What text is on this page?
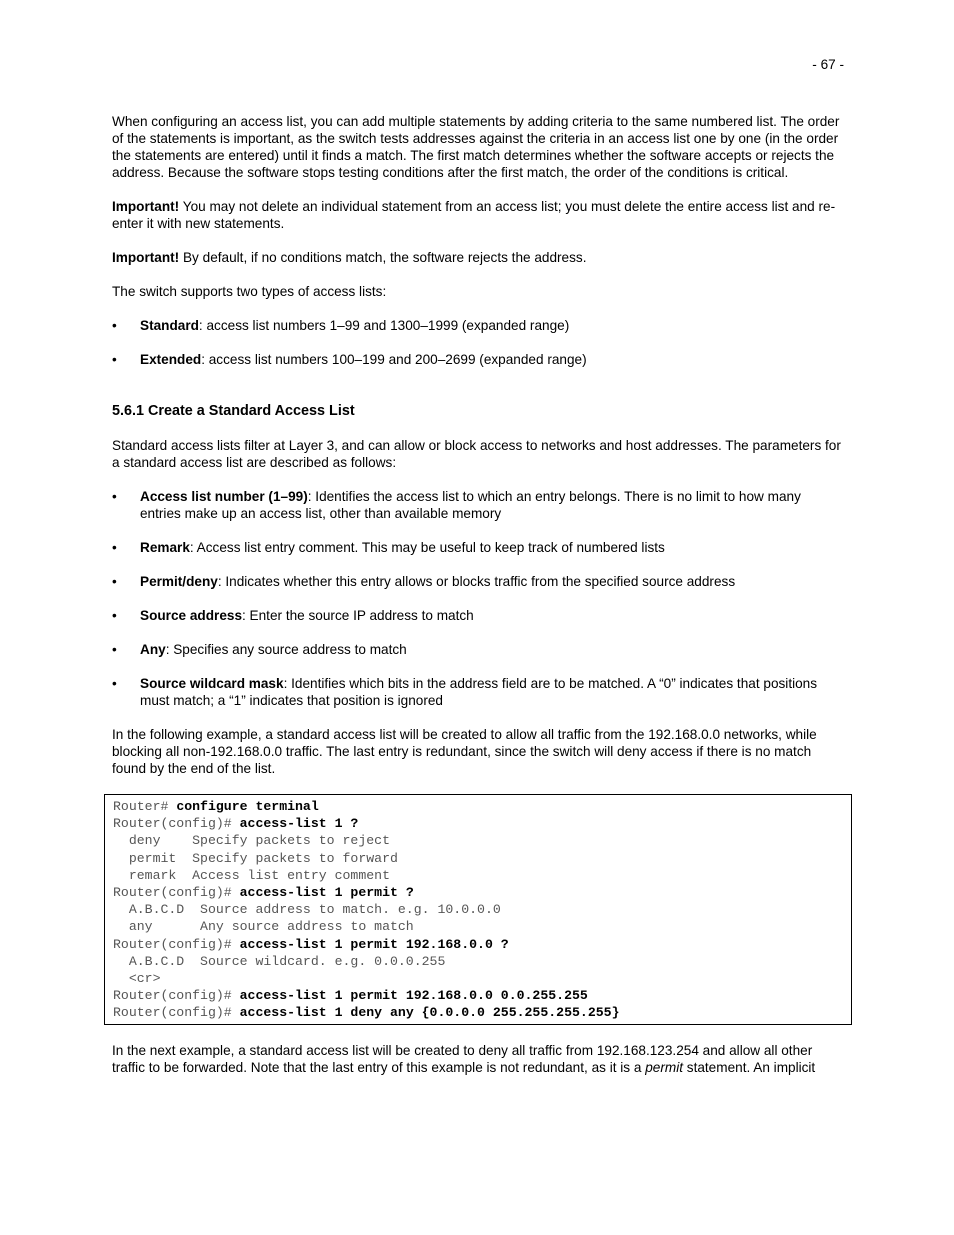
- 67 -

When configuring an access list, you can add multiple statements by adding criteria to the same numbered list. The order of the statements is important, as the switch tests addresses against the criteria in an access list one by one (in the order the statements are entered) until it finds a match. The first match determines whether the software accepts or rejects the address. Because the software stops testing conditions after the first match, the order of the conditions is critical.

Important! You may not delete an individual statement from an access list; you must delete the entire access list and re-enter it with new statements.

Important! By default, if no conditions match, the software rejects the address.

The switch supports two types of access lists:

• Standard: access list numbers 1–99 and 1300–1999 (expanded range)
• Extended: access list numbers 100–199 and 200–2699 (expanded range)
5.6.1 Create a Standard Access List

Standard access lists filter at Layer 3, and can allow or block access to networks and host addresses. The parameters for a standard access list are described as follows:

• Access list number (1–99): Identifies the access list to which an entry belongs. There is no limit to how many entries make up an access list, other than available memory
• Remark: Access list entry comment. This may be useful to keep track of numbered lists
• Permit/deny: Indicates whether this entry allows or blocks traffic from the specified source address
• Source address: Enter the source IP address to match
• Any: Specifies any source address to match
• Source wildcard mask: Identifies which bits in the address field are to be matched. A “0” indicates that positions must match; a “1” indicates that position is ignored

In the following example, a standard access list will be created to allow all traffic from the 192.168.0.0 networks, while blocking all non-192.168.0.0 traffic. The last entry is redundant, since the switch will deny access if there is no match found by the end of the list.

Router# configure terminal
Router(config)# access-list 1 ?
deny    Specify packets to reject
permit  Specify packets to forward
remark  Access list entry comment
Router(config)# access-list 1 permit ?
A.B.C.D  Source address to match. e.g. 10.0.0.0
any      Any source address to match
Router(config)# access-list 1 permit 192.168.0.0 ?
A.B.C.D  Source wildcard. e.g. 0.0.0.255
<cr>
Router(config)# access-list 1 permit 192.168.0.0 0.0.255.255
Router(config)# access-list 1 deny any {0.0.0.0 255.255.255.255}

In the next example, a standard access list will be created to deny all traffic from 192.168.123.254 and allow all other traffic to be forwarded. Note that the last entry of this example is not redundant, as it is a permit statement. An implicit
